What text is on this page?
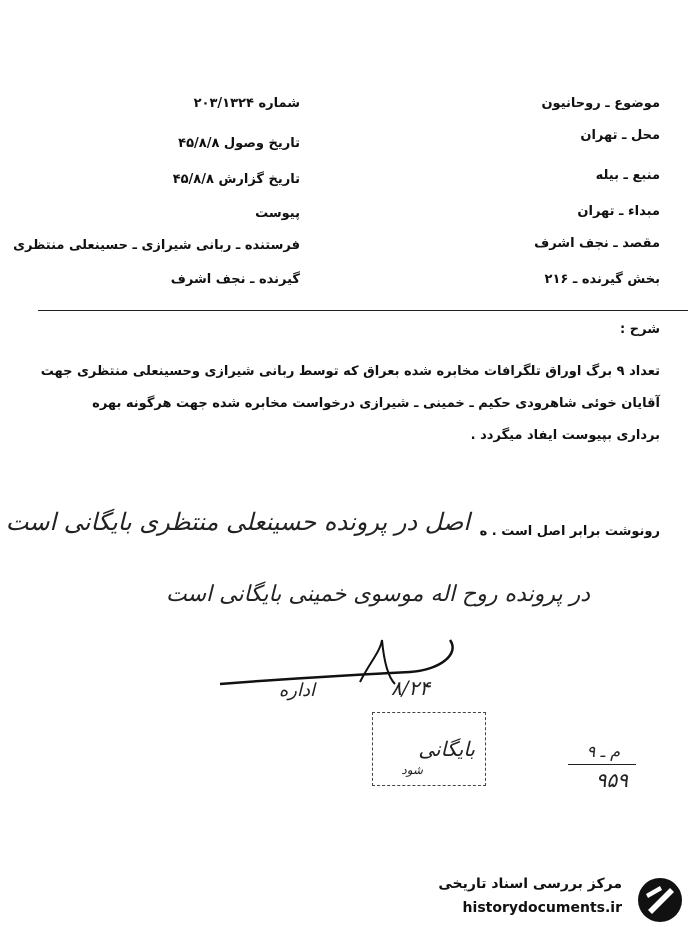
موضوع ـ روحانیون
محل ـ تهران
منبع ـ بیله
مبداء ـ تهران
مقصد ـ نجف اشرف
بخش گیرنده ـ ۲۱۶
شماره ۲۰۳/۱۳۲۴
تاریخ وصول ۴۵/۸/۸
تاریخ گزارش ۴۵/۸/۸
پیوست
فرستنده ـ ربانی شیرازی ـ حسینعلی منتظری
گیرنده ـ نجف اشرف
شرح :
تعداد ۹ برگ اوراق تلگرافات مخابره شده بعراق که توسط ربانی شیرازی وحسینعلی منتظری جهت
آقایان خوئی شاهرودی حکیم ـ خمینی ـ شیرازی درخواست مخابره شده جهت هرگونه بهره
برداری بپیوست ایفاد میگردد .
رونوشت برابر اصل است . ه
اصل در پرونده حسینعلی منتظری بایگانی است
در پرونده روح اله موسوی خمینی بایگانی است
۸/۲۴
اداره
بایگانی
شود
م ـ ۹
۹۵۹
مرکز بررسی اسناد تاریخی
historydocuments.ir
